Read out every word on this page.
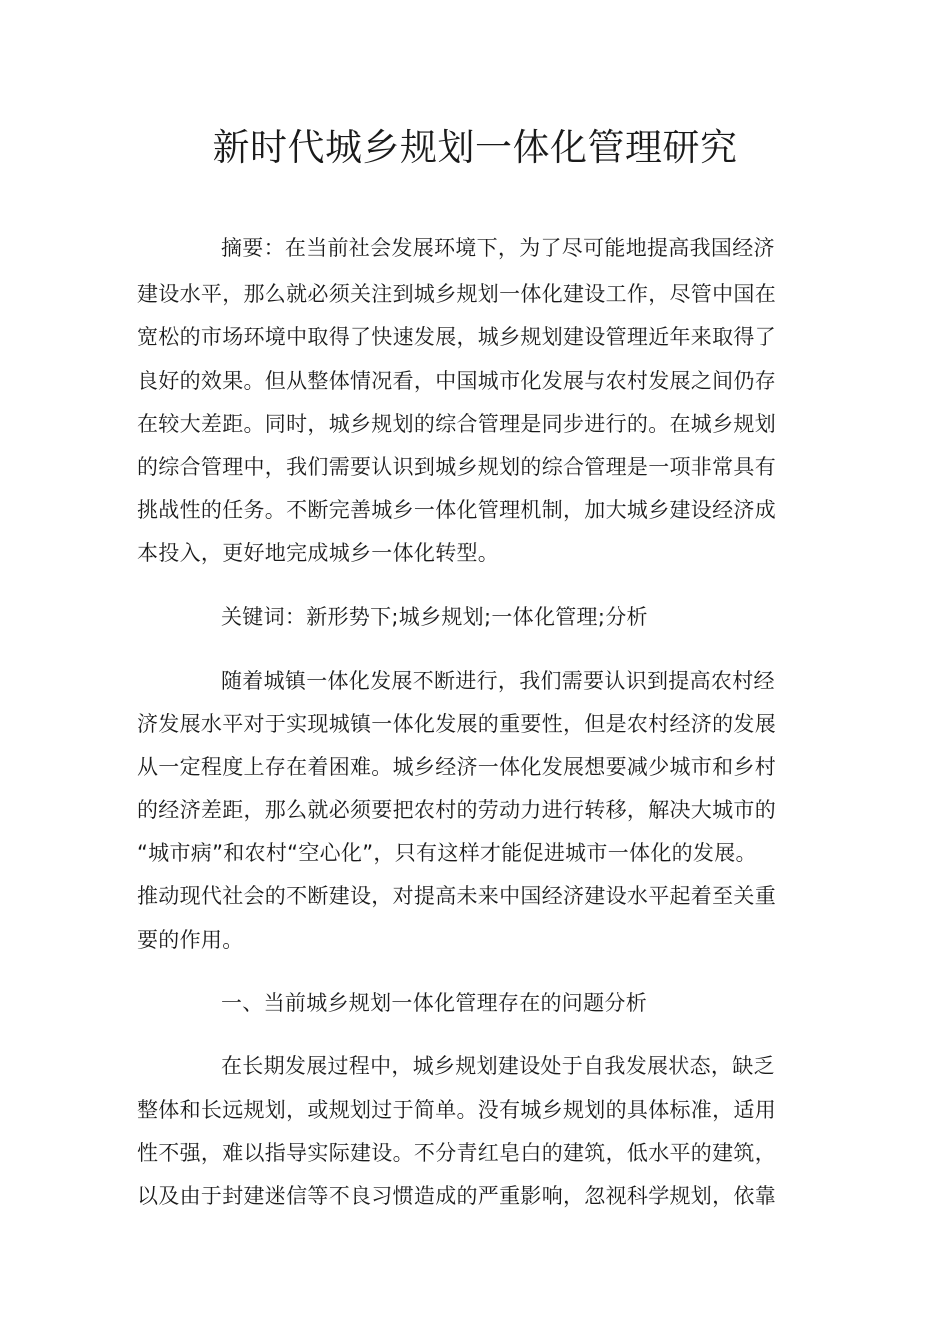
新时代城乡规划一体化管理研究
摘要：在当前社会发展环境下，为了尽可能地提高我国经济
建设水平，那么就必须关注到城乡规划一体化建设工作，尽管中国在
宽松的市场环境中取得了快速发展，城乡规划建设管理近年来取得了
良好的效果。但从整体情况看，中国城市化发展与农村发展之间仍存
在较大差距。同时，城乡规划的综合管理是同步进行的。在城乡规划
的综合管理中，我们需要认识到城乡规划的综合管理是一项非常具有
挑战性的任务。不断完善城乡一体化管理机制，加大城乡建设经济成
本投入，更好地完成城乡一体化转型。
关键词：新形势下;城乡规划;一体化管理;分析
随着城镇一体化发展不断进行，我们需要认识到提高农村经
济发展水平对于实现城镇一体化发展的重要性，但是农村经济的发展
从一定程度上存在着困难。城乡经济一体化发展想要减少城市和乡村
的经济差距，那么就必须要把农村的劳动力进行转移，解决大城市的
“城市病”和农村“空心化”，只有这样才能促进城市一体化的发展。
推动现代社会的不断建设，对提高未来中国经济建设水平起着至关重
要的作用。
一、当前城乡规划一体化管理存在的问题分析
在长期发展过程中，城乡规划建设处于自我发展状态，缺乏
整体和长远规划，或规划过于简单。没有城乡规划的具体标准，适用
性不强，难以指导实际建设。不分青红皂白的建筑，低水平的建筑，
以及由于封建迷信等不良习惯造成的严重影响，忽视科学规划，依靠
